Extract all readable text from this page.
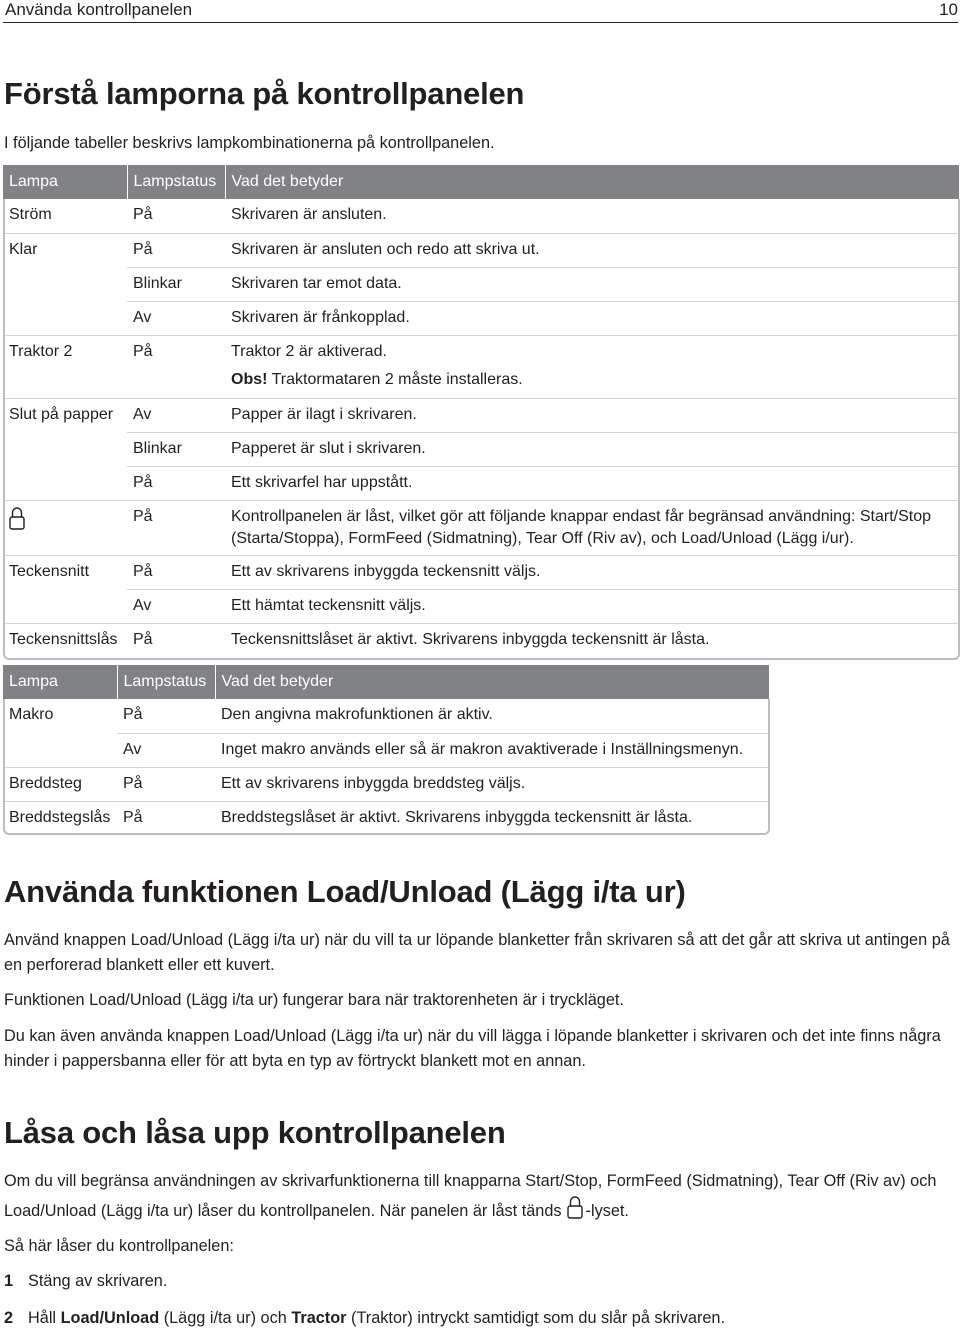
Använda kontrollpanelen	10
Förstå lamporna på kontrollpanelen

I följande tabeller beskrivs lampkombinationerna på kontrollpanelen.

Lampa	Lampstatus	Vad det betyder
Ström	På	Skrivaren är ansluten.
Klar	På	Skrivaren är ansluten och redo att skriva ut.
	Blinkar	Skrivaren tar emot data.
	Av	Skrivaren är frånkopplad.
Traktor 2	På	Traktor 2 är aktiverad.
Obs! Traktormataren 2 måste installeras.

Slut på papper	Av	Papper är ilagt i skrivaren.
	Blinkar	Papperet är slut i skrivaren.
	På	Ett skrivarfel har uppstått.
	På	Kontrollpanelen är låst, vilket gör att följande knappar endast får begränsad användning: Start/Stop (Starta/Stoppa), FormFeed (Sidmatning), Tear Off (Riv av), och Load/Unload (Lägg i/ur).
Teckensnitt	På	Ett av skrivarens inbyggda teckensnitt väljs.
	Av	Ett hämtat teckensnitt väljs.
Teckensnittslås	På	Teckensnittslåset är aktivt. Skrivarens inbyggda teckensnitt är låsta.
Lampa	Lampstatus	Vad det betyder
Makro	På	Den angivna makrofunktionen är aktiv.
	Av	Inget makro används eller så är makron avaktiverade i Inställningsmenyn.
Breddsteg	På	Ett av skrivarens inbyggda breddsteg väljs.
Breddstegslås	På	Breddstegslåset är aktivt. Skrivarens inbyggda teckensnitt är låsta.
Använda funktionen Load/Unload (Lägg i/ta ur)

Använd knappen Load/Unload (Lägg i/ta ur) när du vill ta ur löpande blanketter från skrivaren så att det går att skriva ut antingen på en perforerad blankett eller ett kuvert.

Funktionen Load/Unload (Lägg i/ta ur) fungerar bara när traktorenheten är i tryckläget.

Du kan även använda knappen Load/Unload (Lägg i/ta ur) när du vill lägga i löpande blanketter i skrivaren och det inte finns några hinder i pappersbanna eller för att byta en typ av förtryckt blankett mot en annan.

Låsa och låsa upp kontrollpanelen

Om du vill begränsa användningen av skrivarfunktionerna till knapparna Start/Stop, FormFeed (Sidmatning), Tear Off (Riv av) och Load/Unload (Lägg i/ta ur) låser du kontrollpanelen. När panelen är låst tänds -lyset.

Så här låser du kontrollpanelen:

1 Stäng av skrivaren.

2 Håll Load/Unload (Lägg i/ta ur) och Tractor (Traktor) intryckt samtidigt som du slår på skrivaren.
